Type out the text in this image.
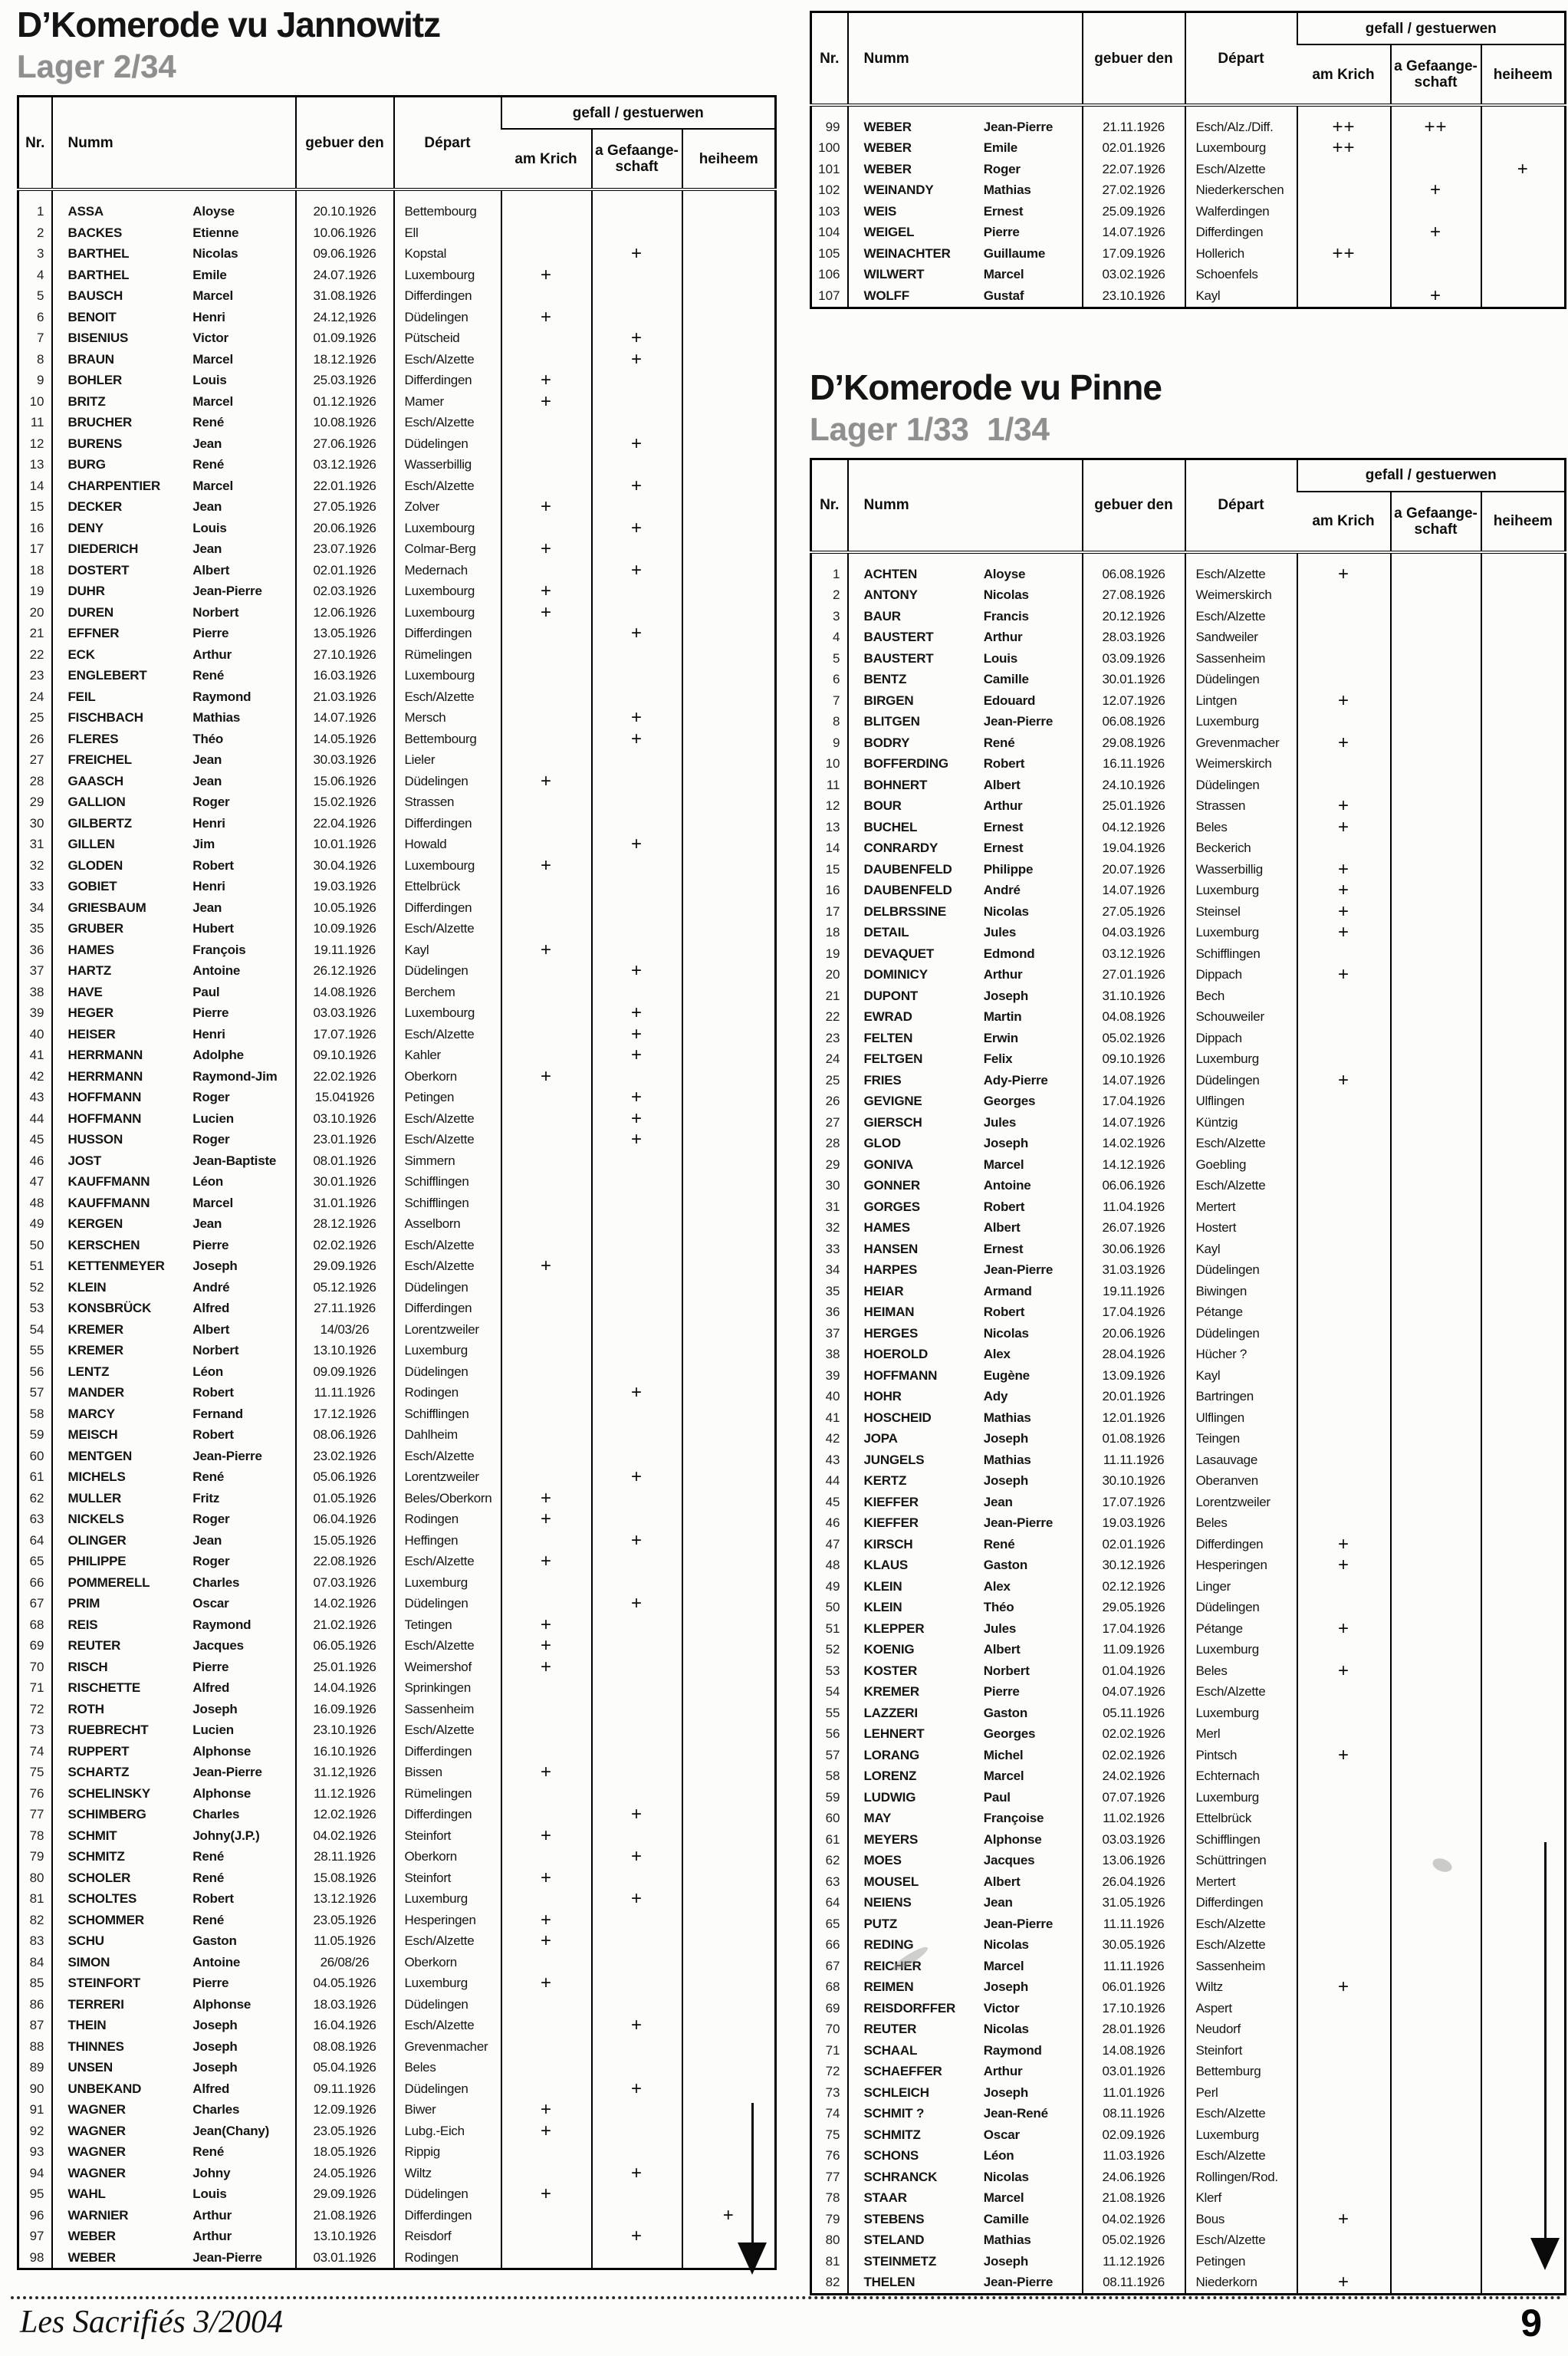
D’Komerode vu Jannowitz
Lager 2/34
Nr.	Numm	gebuer den	Départ	gefall / gestuerwen		
				am Krich	a Gefaange-
schaft	heiheem
1	ASSA Aloyse	20.10.1926	Bettembourg			
2	BACKES Etienne	10.06.1926	Ell			
3	BARTHEL Nicolas	09.06.1926	Kopstal		+	
4	BARTHEL Emile	24.07.1926	Luxembourg	+		
5	BAUSCH Marcel	31.08.1926	Differdingen			
6	BENOIT Henri	24.12,1926	Düdelingen	+		
7	BISENIUS Victor	01.09.1926	Pütscheid		+	
8	BRAUN Marcel	18.12.1926	Esch/Alzette		+	
9	BOHLER Louis	25.03.1926	Differdingen	+		
10	BRITZ Marcel	01.12.1926	Mamer	+		
11	BRUCHER René	10.08.1926	Esch/Alzette			
12	BURENS Jean	27.06.1926	Düdelingen		+	
13	BURG René	03.12.1926	Wasserbillig			
14	CHARPENTIER Marcel	22.01.1926	Esch/Alzette		+	
15	DECKER Jean	27.05.1926	Zolver	+		
16	DENY Louis	20.06.1926	Luxembourg		+	
17	DIEDERICH Jean	23.07.1926	Colmar-Berg	+		
18	DOSTERT Albert	02.01.1926	Medernach		+	
19	DUHR Jean-Pierre	02.03.1926	Luxembourg	+		
20	DUREN Norbert	12.06.1926	Luxembourg	+		
21	EFFNER Pierre	13.05.1926	Differdingen		+	
22	ECK Arthur	27.10.1926	Rümelingen			
23	ENGLEBERT René	16.03.1926	Luxembourg			
24	FEIL Raymond	21.03.1926	Esch/Alzette			
25	FISCHBACH Mathias	14.07.1926	Mersch		+	
26	FLERES Théo	14.05.1926	Bettembourg		+	
27	FREICHEL Jean	30.03.1926	Lieler			
28	GAASCH Jean	15.06.1926	Düdelingen	+		
29	GALLION Roger	15.02.1926	Strassen			
30	GILBERTZ Henri	22.04.1926	Differdingen			
31	GILLEN Jim	10.01.1926	Howald		+	
32	GLODEN Robert	30.04.1926	Luxembourg	+		
33	GOBIET Henri	19.03.1926	Ettelbrück			
34	GRIESBAUM Jean	10.05.1926	Differdingen			
35	GRUBER Hubert	10.09.1926	Esch/Alzette			
36	HAMES François	19.11.1926	Kayl	+		
37	HARTZ Antoine	26.12.1926	Düdelingen		+	
38	HAVE Paul	14.08.1926	Berchem			
39	HEGER Pierre	03.03.1926	Luxembourg		+	
40	HEISER Henri	17.07.1926	Esch/Alzette		+	
41	HERRMANN Adolphe	09.10.1926	Kahler		+	
42	HERRMANN Raymond-Jim	22.02.1926	Oberkorn	+		
43	HOFFMANN Roger	15.041926	Petingen		+	
44	HOFFMANN Lucien	03.10.1926	Esch/Alzette		+	
45	HUSSON Roger	23.01.1926	Esch/Alzette		+	
46	JOST Jean-Baptiste	08.01.1926	Simmern			
47	KAUFFMANN Léon	30.01.1926	Schifflingen			
48	KAUFFMANN Marcel	31.01.1926	Schifflingen			
49	KERGEN Jean	28.12.1926	Asselborn			
50	KERSCHEN Pierre	02.02.1926	Esch/Alzette			
51	KETTENMEYER Joseph	29.09.1926	Esch/Alzette	+		
52	KLEIN André	05.12.1926	Düdelingen			
53	KONSBRÜCK Alfred	27.11.1926	Differdingen			
54	KREMER Albert	14/03/26	Lorentzweiler			
55	KREMER Norbert	13.10.1926	Luxemburg			
56	LENTZ Léon	09.09.1926	Düdelingen			
57	MANDER Robert	11.11.1926	Rodingen		+	
58	MARCY Fernand	17.12.1926	Schifflingen			
59	MEISCH Robert	08.06.1926	Dahlheim			
60	MENTGEN Jean-Pierre	23.02.1926	Esch/Alzette			
61	MICHELS René	05.06.1926	Lorentzweiler		+	
62	MULLER Fritz	01.05.1926	Beles/Oberkorn	+		
63	NICKELS Roger	06.04.1926	Rodingen	+		
64	OLINGER Jean	15.05.1926	Heffingen		+	
65	PHILIPPE Roger	22.08.1926	Esch/Alzette	+		
66	POMMERELL Charles	07.03.1926	Luxemburg			
67	PRIM Oscar	14.02.1926	Düdelingen		+	
68	REIS Raymond	21.02.1926	Tetingen	+		
69	REUTER Jacques	06.05.1926	Esch/Alzette	+		
70	RISCH Pierre	25.01.1926	Weimershof	+		
71	RISCHETTE Alfred	14.04.1926	Sprinkingen			
72	ROTH Joseph	16.09.1926	Sassenheim			
73	RUEBRECHT Lucien	23.10.1926	Esch/Alzette			
74	RUPPERT Alphonse	16.10.1926	Differdingen			
75	SCHARTZ Jean-Pierre	31.12,1926	Bissen	+		
76	SCHELINSKY Alphonse	11.12.1926	Rümelingen			
77	SCHIMBERG Charles	12.02.1926	Differdingen		+	
78	SCHMIT Johny(J.P.)	04.02.1926	Steinfort	+		
79	SCHMITZ René	28.11.1926	Oberkorn		+	
80	SCHOLER René	15.08.1926	Steinfort	+		
81	SCHOLTES Robert	13.12.1926	Luxemburg		+	
82	SCHOMMER René	23.05.1926	Hesperingen	+		
83	SCHU Gaston	11.05.1926	Esch/Alzette	+		
84	SIMON Antoine	26/08/26	Oberkorn			
85	STEINFORT Pierre	04.05.1926	Luxemburg	+		
86	TERRERI Alphonse	18.03.1926	Düdelingen			
87	THEIN Joseph	16.04.1926	Esch/Alzette		+	
88	THINNES Joseph	08.08.1926	Grevenmacher			
89	UNSEN Joseph	05.04.1926	Beles			
90	UNBEKAND Alfred	09.11.1926	Düdelingen		+	
91	WAGNER Charles	12.09.1926	Biwer	+		
92	WAGNER Jean(Chany)	23.05.1926	Lubg.-Eich	+		
93	WAGNER René	18.05.1926	Rippig			
94	WAGNER Johny	24.05.1926	Wiltz		+	
95	WAHL Louis	29.09.1926	Düdelingen	+		
96	WARNIER Arthur	21.08.1926	Differdingen			+
97	WEBER Arthur	13.10.1926	Reisdorf		+	
98	WEBER Jean-Pierre	03.01.1926	Rodingen			
Nr.	Numm	gebuer den	Départ	gefall / gestuerwen		
				am Krich	a Gefaange-
schaft	heiheem
99	WEBER Jean-Pierre	21.11.1926	Esch/Alz./Diff.	++	++	
100	WEBER Emile	02.01.1926	Luxembourg	++		
101	WEBER Roger	22.07.1926	Esch/Alzette			+
102	WEINANDY Mathias	27.02.1926	Niederkerschen		+	
103	WEIS Ernest	25.09.1926	Walferdingen			
104	WEIGEL Pierre	14.07.1926	Differdingen		+	
105	WEINACHTER Guillaume	17.09.1926	Hollerich	++		
106	WILWERT Marcel	03.02.1926	Schoenfels			
107	WOLFF Gustaf	23.10.1926	Kayl		+	
D’Komerode vu Pinne
Lager 1/33  1/34
Nr.	Numm	gebuer den	Départ	gefall / gestuerwen		
				am Krich	a Gefaange-
schaft	heiheem
1	ACHTEN Aloyse	06.08.1926	Esch/Alzette	+		
2	ANTONY Nicolas	27.08.1926	Weimerskirch			
3	BAUR Francis	20.12.1926	Esch/Alzette			
4	BAUSTERT Arthur	28.03.1926	Sandweiler			
5	BAUSTERT Louis	03.09.1926	Sassenheim			
6	BENTZ Camille	30.01.1926	Düdelingen			
7	BIRGEN Edouard	12.07.1926	Lintgen	+		
8	BLITGEN Jean-Pierre	06.08.1926	Luxemburg			
9	BODRY René	29.08.1926	Grevenmacher	+		
10	BOFFERDING Robert	16.11.1926	Weimerskirch			
11	BOHNERT Albert	24.10.1926	Düdelingen			
12	BOUR Arthur	25.01.1926	Strassen	+		
13	BUCHEL Ernest	04.12.1926	Beles	+		
14	CONRARDY Ernest	19.04.1926	Beckerich			
15	DAUBENFELD Philippe	20.07.1926	Wasserbillig	+		
16	DAUBENFELD André	14.07.1926	Luxemburg	+		
17	DELBRSSINE Nicolas	27.05.1926	Steinsel	+		
18	DETAIL Jules	04.03.1926	Luxemburg	+		
19	DEVAQUET Edmond	03.12.1926	Schifflingen			
20	DOMINICY Arthur	27.01.1926	Dippach	+		
21	DUPONT Joseph	31.10.1926	Bech			
22	EWRAD Martin	04.08.1926	Schouweiler			
23	FELTEN Erwin	05.02.1926	Dippach			
24	FELTGEN Felix	09.10.1926	Luxemburg			
25	FRIES Ady-Pierre	14.07.1926	Düdelingen	+		
26	GEVIGNE Georges	17.04.1926	Ulflingen			
27	GIERSCH Jules	14.07.1926	Küntzig			
28	GLOD Joseph	14.02.1926	Esch/Alzette			
29	GONIVA Marcel	14.12.1926	Goebling			
30	GONNER Antoine	06.06.1926	Esch/Alzette			
31	GORGES Robert	11.04.1926	Mertert			
32	HAMES Albert	26.07.1926	Hostert			
33	HANSEN Ernest	30.06.1926	Kayl			
34	HARPES Jean-Pierre	31.03.1926	Düdelingen			
35	HEIAR Armand	19.11.1926	Biwingen			
36	HEIMAN Robert	17.04.1926	Pétange			
37	HERGES Nicolas	20.06.1926	Düdelingen			
38	HOEROLD Alex	28.04.1926	Hücher ?			
39	HOFFMANN Eugène	13.09.1926	Kayl			
40	HOHR Ady	20.01.1926	Bartringen			
41	HOSCHEID Mathias	12.01.1926	Ulflingen			
42	JOPA Joseph	01.08.1926	Teingen			
43	JUNGELS Mathias	11.11.1926	Lasauvage			
44	KERTZ Joseph	30.10.1926	Oberanven			
45	KIEFFER Jean	17.07.1926	Lorentzweiler			
46	KIEFFER Jean-Pierre	19.03.1926	Beles			
47	KIRSCH René	02.01.1926	Differdingen	+		
48	KLAUS Gaston	30.12.1926	Hesperingen	+		
49	KLEIN Alex	02.12.1926	Linger			
50	KLEIN Théo	29.05.1926	Düdelingen			
51	KLEPPER Jules	17.04.1926	Pétange	+		
52	KOENIG Albert	11.09.1926	Luxemburg			
53	KOSTER Norbert	01.04.1926	Beles	+		
54	KREMER Pierre	04.07.1926	Esch/Alzette			
55	LAZZERI Gaston	05.11.1926	Luxemburg			
56	LEHNERT Georges	02.02.1926	Merl			
57	LORANG Michel	02.02.1926	Pintsch	+		
58	LORENZ Marcel	24.02.1926	Echternach			
59	LUDWIG Paul	07.07.1926	Luxemburg			
60	MAY Françoise	11.02.1926	Ettelbrück			
61	MEYERS Alphonse	03.03.1926	Schifflingen			
62	MOES Jacques	13.06.1926	Schüttringen			
63	MOUSEL Albert	26.04.1926	Mertert			
64	NEIENS Jean	31.05.1926	Differdingen			
65	PUTZ Jean-Pierre	11.11.1926	Esch/Alzette			
66	REDING Nicolas	30.05.1926	Esch/Alzette			
67	REICHER Marcel	11.11.1926	Sassenheim			
68	REIMEN Joseph	06.01.1926	Wiltz	+		
69	REISDORFFER Victor	17.10.1926	Aspert			
70	REUTER Nicolas	28.01.1926	Neudorf			
71	SCHAAL Raymond	14.08.1926	Steinfort			
72	SCHAEFFER Arthur	03.01.1926	Bettemburg			
73	SCHLEICH Joseph	11.01.1926	Perl			
74	SCHMIT ? Jean-René	08.11.1926	Esch/Alzette			
75	SCHMITZ Oscar	02.09.1926	Luxemburg			
76	SCHONS Léon	11.03.1926	Esch/Alzette			
77	SCHRANCK Nicolas	24.06.1926	Rollingen/Rod.			
78	STAAR Marcel	21.08.1926	Klerf			
79	STEBENS Camille	04.02.1926	Bous	+		
80	STELAND Mathias	05.02.1926	Esch/Alzette			
81	STEINMETZ Joseph	11.12.1926	Petingen			
82	THELEN Jean-Pierre	08.11.1926	Niederkorn	+		
Les Sacrifiés 3/2004	9
